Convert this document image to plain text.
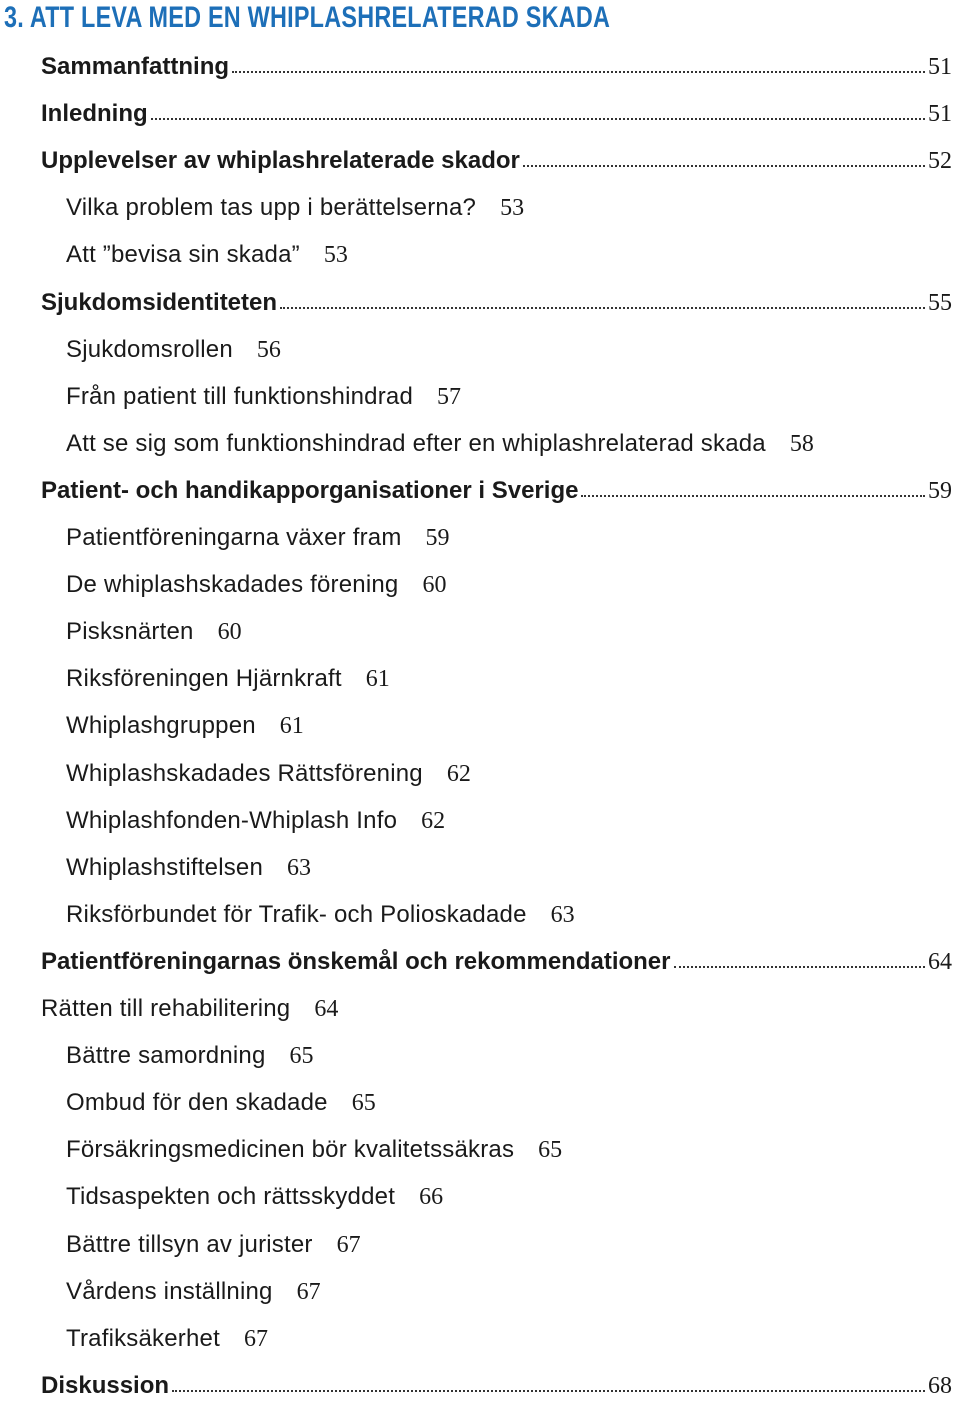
3. ATT LEVA MED EN WHIPLASHRELATERAD SKADA
Sammanfattning	51
Inledning	51
Upplevelser av whiplashrelaterade skador	52
Vilka problem tas upp i berättelserna? 53
Att ”bevisa sin skada” 53
Sjukdomsidentiteten	55
Sjukdomsrollen 56
Från patient till funktionshindrad 57
Att se sig som funktionshindrad efter en whiplashrelaterad skada 58
Patient- och handikapporganisationer i Sverige	59
Patientföreningarna växer fram 59
De whiplashskadades förening 60
Pisksnärten 60
Riksföreningen Hjärnkraft 61
Whiplashgruppen 61
Whiplashskadades Rättsförening 62
Whiplashfonden-Whiplash Info 62
Whiplashstiftelsen 63
Riksförbundet för Trafik- och Polioskadade 63
Patientföreningarnas önskemål och rekommendationer	64
Rätten till rehabilitering 64
Bättre samordning 65
Ombud för den skadade 65
Försäkringsmedicinen bör kvalitetssäkras 65
Tidsaspekten och rättsskyddet 66
Bättre tillsyn av jurister 67
Vårdens inställning 67
Trafiksäkerhet 67
Diskussion	68
